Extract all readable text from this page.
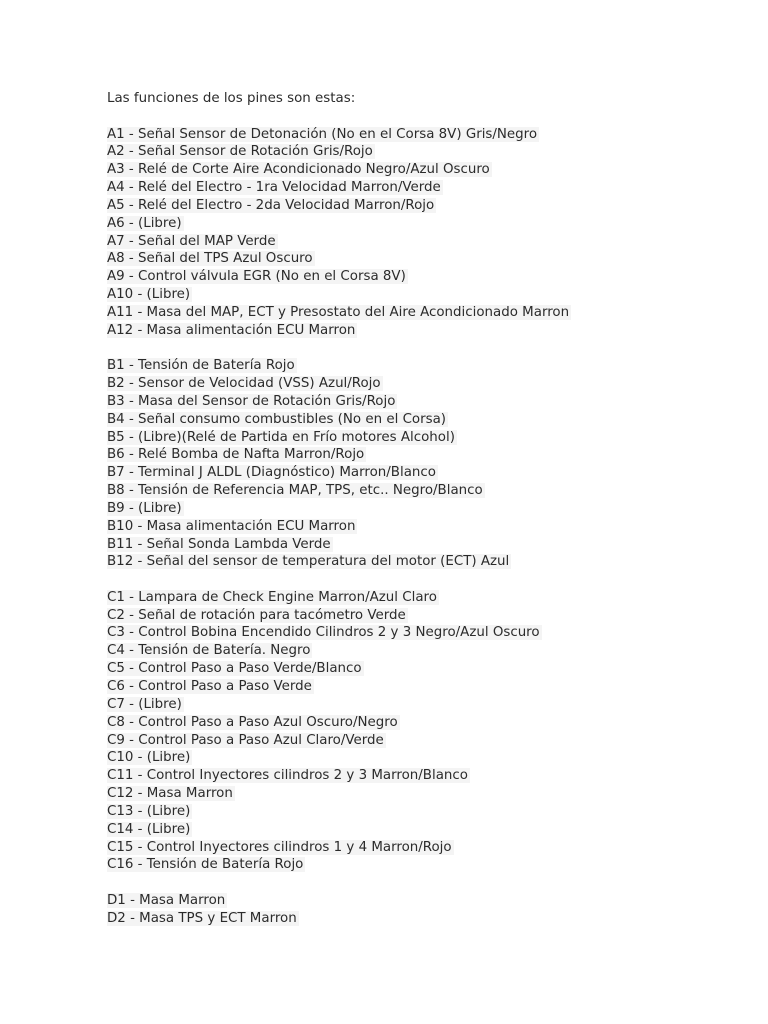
Las funciones de los pines son estas:
A1 - Señal Sensor de Detonación (No en el Corsa 8V) Gris/Negro
A2 - Señal Sensor de Rotación Gris/Rojo
A3 - Relé de Corte Aire Acondicionado Negro/Azul Oscuro
A4 - Relé del Electro - 1ra Velocidad Marron/Verde
A5 - Relé del Electro - 2da Velocidad Marron/Rojo
A6 - (Libre)
A7 - Señal del MAP Verde
A8 - Señal del TPS Azul Oscuro
A9 - Control válvula EGR (No en el Corsa 8V)
A10 - (Libre)
A11 - Masa del MAP, ECT y Presostato del Aire Acondicionado Marron
A12 - Masa alimentación ECU Marron
B1 - Tensión de Batería Rojo
B2 - Sensor de Velocidad (VSS) Azul/Rojo
B3 - Masa del Sensor de Rotación Gris/Rojo
B4 - Señal consumo combustibles (No en el Corsa)
B5 - (Libre)(Relé de Partida en Frío motores Alcohol)
B6 - Relé Bomba de Nafta Marron/Rojo
B7 - Terminal J ALDL (Diagnóstico) Marron/Blanco
B8 - Tensión de Referencia MAP, TPS, etc.. Negro/Blanco
B9 - (Libre)
B10 - Masa alimentación ECU Marron
B11 - Señal Sonda Lambda Verde
B12 - Señal del sensor de temperatura del motor (ECT) Azul
C1 - Lampara de Check Engine Marron/Azul Claro
C2 - Señal de rotación para tacómetro Verde
C3 - Control Bobina Encendido Cilindros 2 y 3 Negro/Azul Oscuro
C4 - Tensión de Batería. Negro
C5 - Control Paso a Paso Verde/Blanco
C6 - Control Paso a Paso Verde
C7 - (Libre)
C8 - Control Paso a Paso Azul Oscuro/Negro
C9 - Control Paso a Paso Azul Claro/Verde
C10 - (Libre)
C11 - Control Inyectores cilindros 2 y 3 Marron/Blanco
C12 - Masa Marron
C13 - (Libre)
C14 - (Libre)
C15 - Control Inyectores cilindros 1 y 4 Marron/Rojo
C16 - Tensión de Batería Rojo
D1 - Masa Marron
D2 - Masa TPS y ECT Marron
